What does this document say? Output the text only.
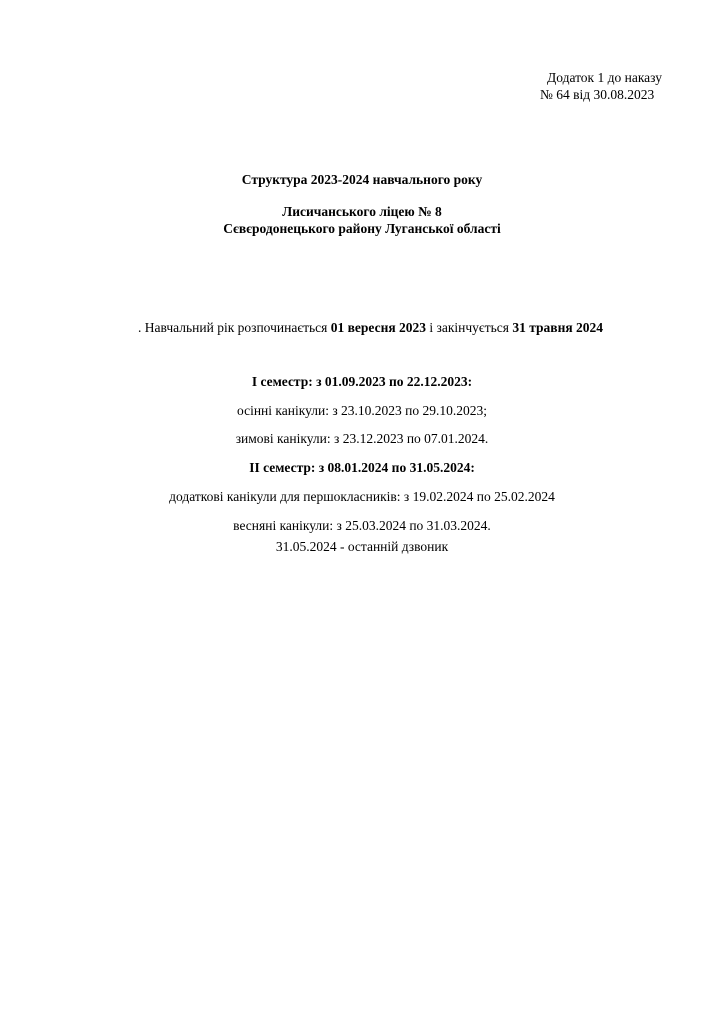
Додаток 1 до наказу
№ 64 від 30.08.2023
Структура 2023-2024 навчального року
Лисичанського ліцею № 8
Сєвєродонецького району Луганської області
. Навчальний рік розпочинається 01 вересня 2023 і закінчується 31 травня 2024
І семестр: з 01.09.2023 по 22.12.2023:
осінні канікули: з 23.10.2023 по 29.10.2023;
зимові канікули: з 23.12.2023 по 07.01.2024.
ІІ семестр: з 08.01.2024 по 31.05.2024:
додаткові канікули для першокласників: з 19.02.2024 по 25.02.2024
весняні канікули: з 25.03.2024 по 31.03.2024.
31.05.2024 - останній дзвоник
